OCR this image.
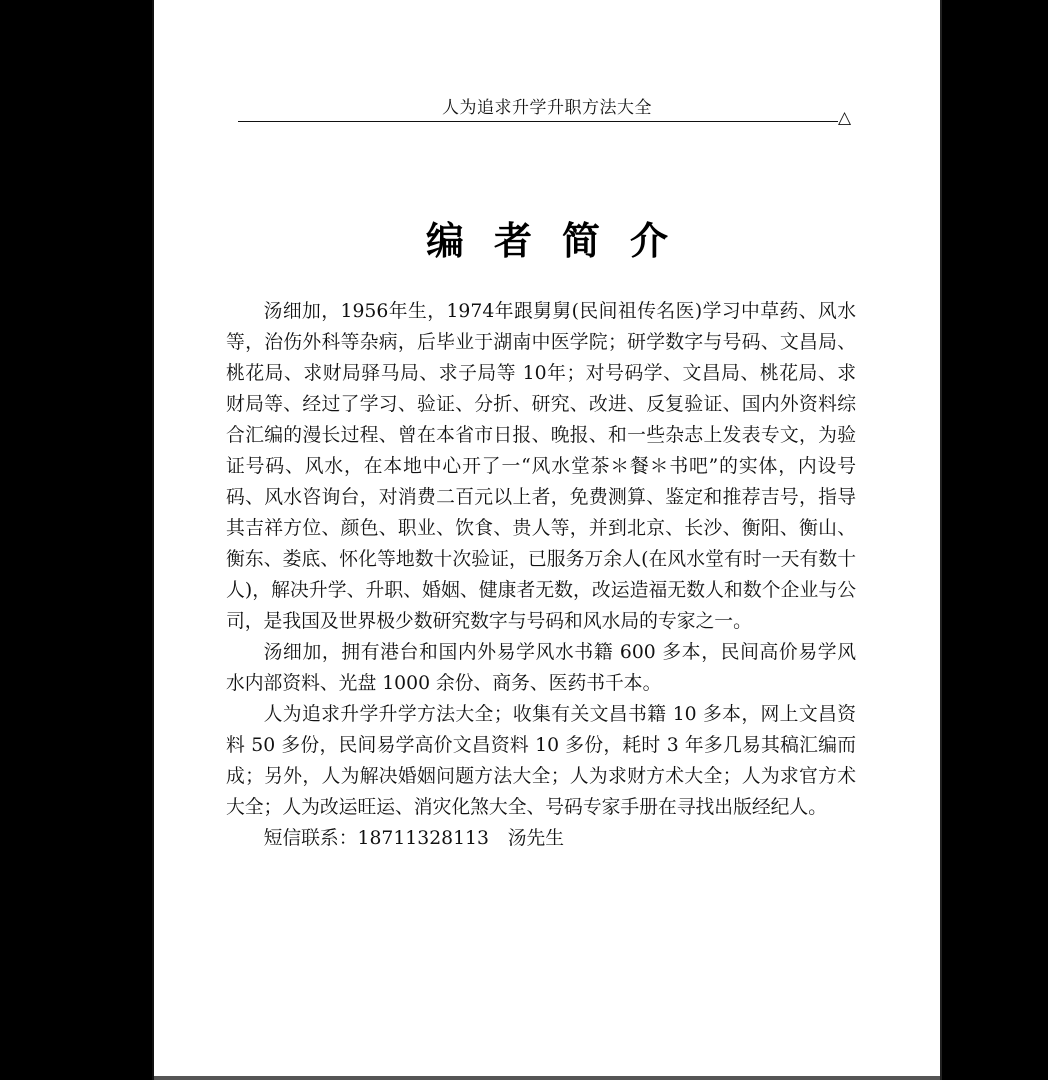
人为追求升学升职方法大全	△
编者简介

汤细加，1956年生，1974年跟舅舅(民间祖传名医)学习中草药、风水等，治伤外科等杂病，后毕业于湖南中医学院；研学数字与号码、文昌局、桃花局、求财局驿马局、求子局等 10年；对号码学、文昌局、桃花局、求财局等、经过了学习、验证、分折、研究、改进、反复验证、国内外资料综合汇编的漫长过程、曾在本省市日报、晚报、和一些杂志上发表专文，为验证号码、风水，在本地中心开了一“风水堂茶＊餐＊书吧”的实体，内设号码、风水咨询台，对消费二百元以上者，免费测算、鉴定和推荐吉号，指导其吉祥方位、颜色、职业、饮食、贵人等，并到北京、长沙、衡阳、衡山、衡东、娄底、怀化等地数十次验证，已服务万余人(在风水堂有时一天有数十人)，解决升学、升职、婚姻、健康者无数，改运造福无数人和数个企业与公司，是我国及世界极少数研究数字与号码和风水局的专家之一。

汤细加，拥有港台和国内外易学风水书籍 600 多本，民间高价易学风水内部资料、光盘 1000 余份、商务、医药书千本。

人为追求升学升学方法大全；收集有关文昌书籍 10 多本，网上文昌资料 50 多份，民间易学高价文昌资料 10 多份，耗时 3 年多几易其稿汇编而成；另外，人为解决婚姻问题方法大全；人为求财方术大全；人为求官方术大全；人为改运旺运、消灾化煞大全、号码专家手册在寻找出版经纪人。

短信联系：18711328113　汤先生
